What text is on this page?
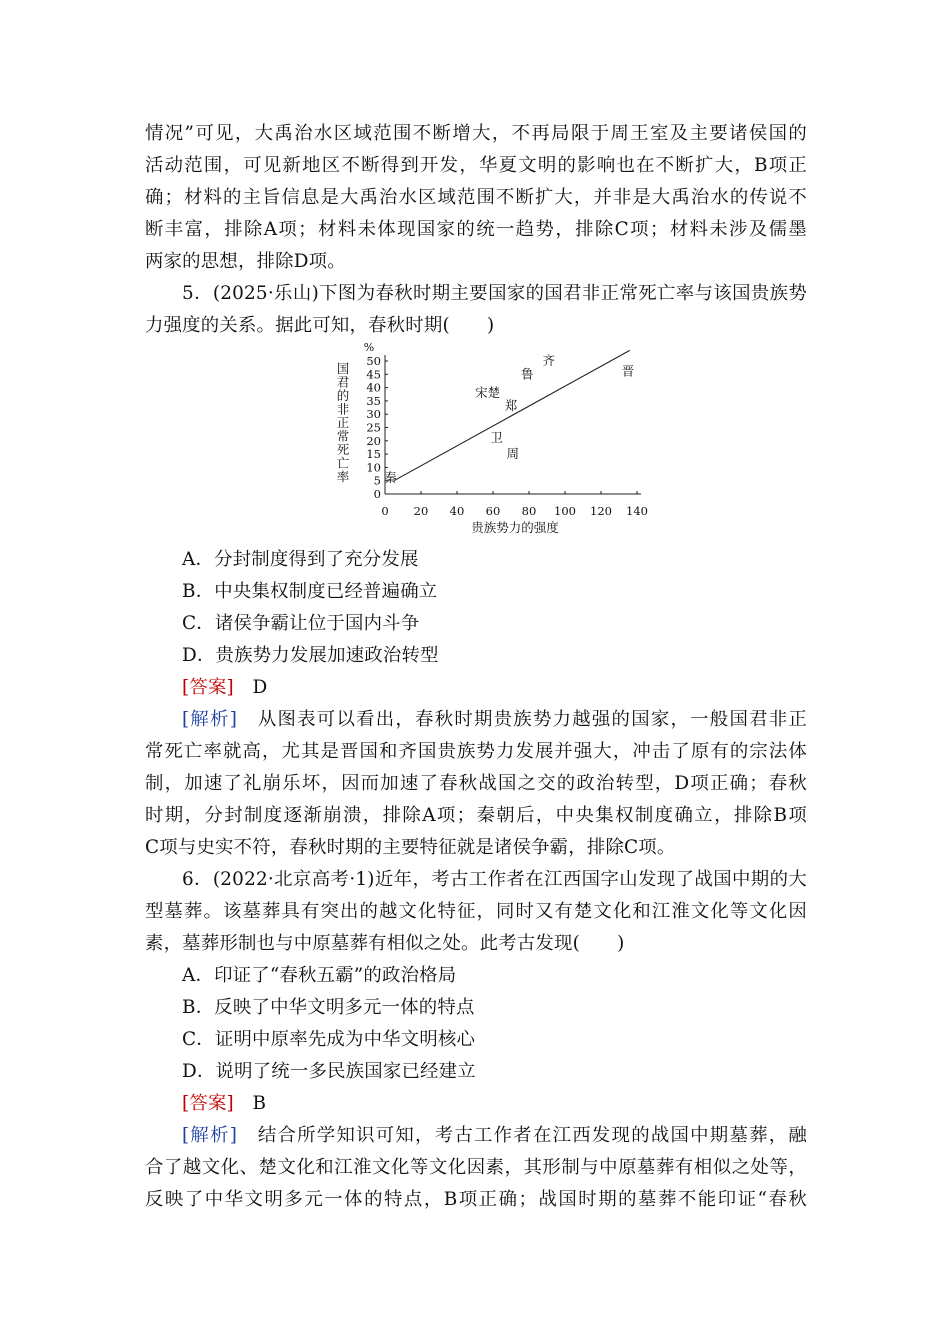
情况”可见，大禹治水区域范围不断增大，不再局限于周王室及主要诸侯国的
活动范围，可见新地区不断得到开发，华夏文明的影响也在不断扩大，B项正
确；材料的主旨信息是大禹治水区域范围不断扩大，并非是大禹治水的传说不
断丰富，排除A项；材料未体现国家的统一趋势，排除C项；材料未涉及儒墨
两家的思想，排除D项。
5．(2025·乐山)下图为春秋时期主要国家的国君非正常死亡率与该国贵族势
力强度的关系。据此可知，春秋时期(　　)
0
5
10
15
20
25
30
35
40
45
50
0 20 40 60 80 100 120 140
%
国
君
的
非
正
常
死
亡
率
贵族势力的强度
秦
宋楚
郑
鲁
齐
卫
周
晋
A．分封制度得到了充分发展
B．中央集权制度已经普遍确立
C．诸侯争霸让位于国内斗争
D．贵族势力发展加速政治转型
[答案]　 D
[解析]　 从图表可以看出，春秋时期贵族势力越强的国家，一般国君非正
常死亡率就高，尤其是晋国和齐国贵族势力发展并强大，冲击了原有的宗法体
制，加速了礼崩乐坏，因而加速了春秋战国之交的政治转型，D项正确；春秋
时期，分封制度逐渐崩溃，排除A项；秦朝后，中央集权制度确立，排除B项
C项与史实不符，春秋时期的主要特征就是诸侯争霸，排除C项。
6．(2022·北京高考·1)近年，考古工作者在江西国字山发现了战国中期的大
型墓葬。该墓葬具有突出的越文化特征，同时又有楚文化和江淮文化等文化因
素，墓葬形制也与中原墓葬有相似之处。此考古发现(　　)
A．印证了“春秋五霸”的政治格局
B．反映了中华文明多元一体的特点
C．证明中原率先成为中华文明核心
D．说明了统一多民族国家已经建立
[答案]　 B
[解析]　 结合所学知识可知，考古工作者在江西发现的战国中期墓葬，融
合了越文化、楚文化和江淮文化等文化因素，其形制与中原墓葬有相似之处等，
反映了中华文明多元一体的特点，B项正确；战国时期的墓葬不能印证“春秋
